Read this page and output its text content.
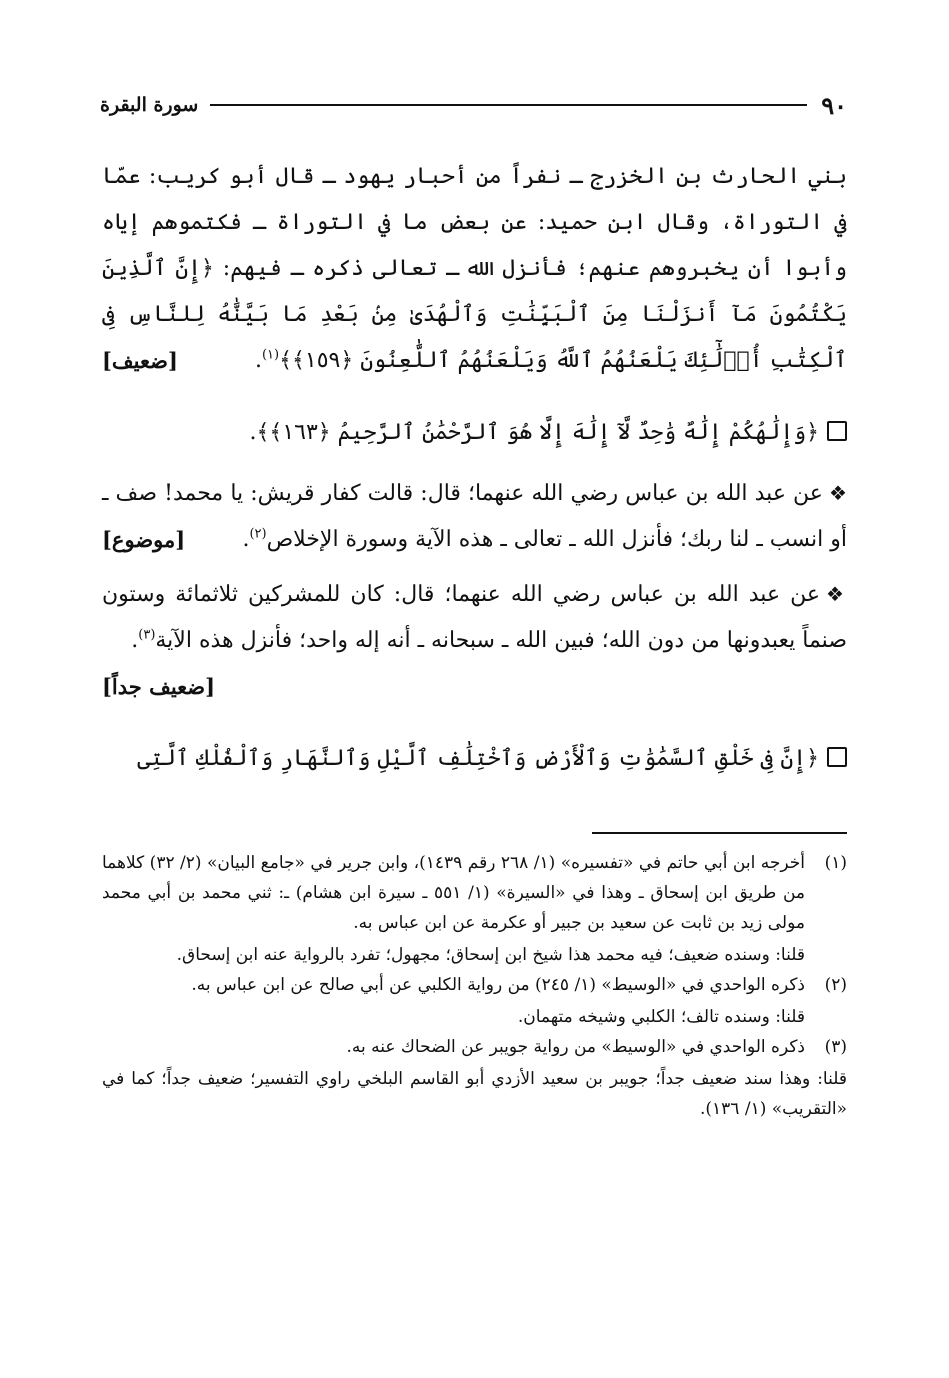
٩٠
سورة البقرة

بني الحارث بن الخزرج ـ نفراً من أحبار يهود ـ قال أبو كريب: عمّا في التوراة، وقال ابن حميد: عن بعض ما في التوراة ـ فكتموهم إياه وأبوا أن يخبروهم عنهم؛ فأنزل الله ـ تعالى ذكره ـ فيهم: ﴿إِنَّ ٱلَّذِينَ يَكْتُمُونَ مَآ أَنزَلْنَا مِنَ ٱلْبَيِّنَٰتِ وَٱلْهُدَىٰ مِنۢ بَعْدِ مَا بَيَّنَّٰهُ لِلنَّاسِ فِى ٱلْكِتَٰبِ أُو۟لَٰٓئِكَ يَلْعَنُهُمُ ٱللَّهُ وَيَلْعَنُهُمُ ٱللَّٰعِنُونَ ﴿١٥٩﴾﴾$^{(١)}$.
[ضعيف]

﴿وَإِلَٰهُكُمْ إِلَٰهٌ وَٰحِدٌ لَّآ إِلَٰهَ إِلَّا هُوَ ٱلرَّحْمَٰنُ ٱلرَّحِيمُ ﴿١٦٣﴾﴾.

❖عن عبد الله بن عباس رضي الله عنهما؛ قال: قالت كفار قريش: يا محمد! صف ـ أو انسب ـ لنا ربك؛ فأنزل الله ـ تعالى ـ هذه الآية وسورة الإخلاص$^{(٢)}$.
[موضوع]

❖عن عبد الله بن عباس رضي الله عنهما؛ قال: كان للمشركين ثلاثمائة وستون صنماً يعبدونها من دون الله؛ فبين الله ـ سبحانه ـ أنه إله واحد؛ فأنزل هذه الآية$^{(٣)}$.
[ضعيف جداً]

﴿إِنَّ فِى خَلْقِ ٱلسَّمَٰوَٰتِ وَٱلْأَرْضِ وَٱخْتِلَٰفِ ٱلَّيْلِ وَٱلنَّهَارِ وَٱلْفُلْكِ ٱلَّتِى

(١)
أخرجه ابن أبي حاتم في «تفسيره» (١/ ٢٦٨ رقم ١٤٣٩)، وابن جرير في «جامع البيان» (٢/ ٣٢) كلاهما من طريق ابن إسحاق ـ وهذا في «السيرة» (١/ ٥٥١ ـ سيرة ابن هشام) ـ: ثني محمد بن أبي محمد مولى زيد بن ثابت عن سعيد بن جبير أو عكرمة عن ابن عباس به.

قلنا: وسنده ضعيف؛ فيه محمد هذا شيخ ابن إسحاق؛ مجهول؛ تفرد بالرواية عنه ابن إسحاق.

(٢)
ذكره الواحدي في «الوسيط» (١/ ٢٤٥) من رواية الكلبي عن أبي صالح عن ابن عباس به.

قلنا: وسنده تالف؛ الكلبي وشيخه متهمان.

(٣)
ذكره الواحدي في «الوسيط» من رواية جويبر عن الضحاك عنه به.

قلنا: وهذا سند ضعيف جداً؛ جويبر بن سعيد الأزدي أبو القاسم البلخي راوي التفسير؛ ضعيف جداً؛ كما في «التقريب» (١/ ١٣٦).
